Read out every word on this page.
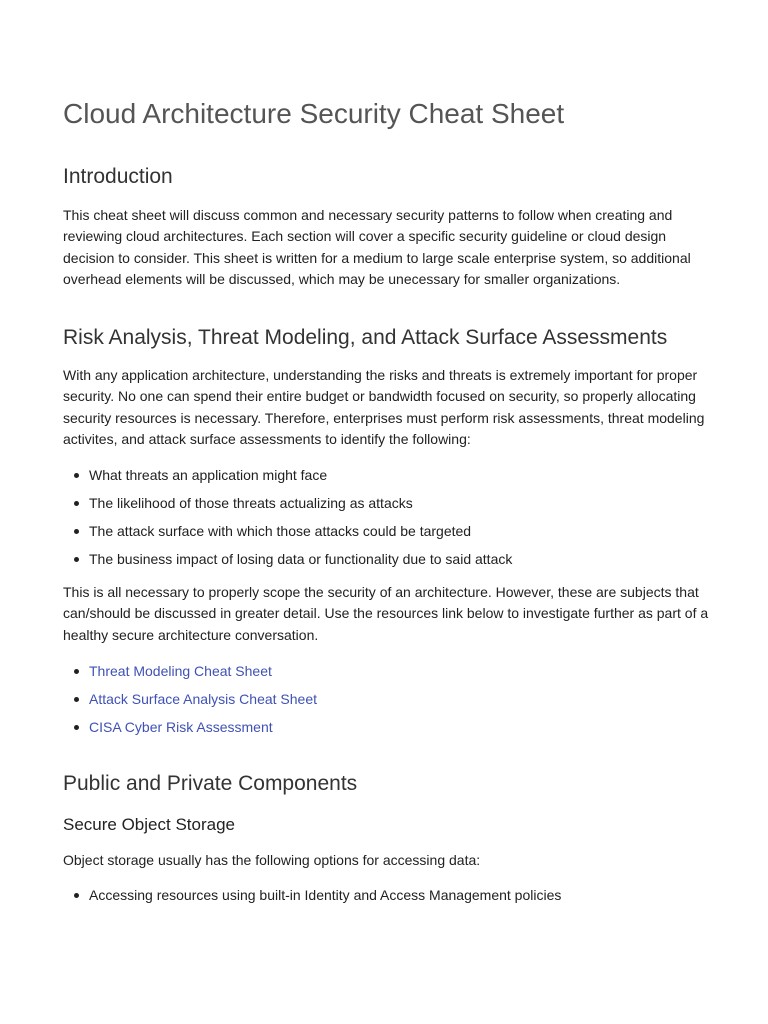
Cloud Architecture Security Cheat Sheet
Introduction

This cheat sheet will discuss common and necessary security patterns to follow when creating and reviewing cloud architectures. Each section will cover a specific security guideline or cloud design decision to consider. This sheet is written for a medium to large scale enterprise system, so additional overhead elements will be discussed, which may be unecessary for smaller organizations.

Risk Analysis, Threat Modeling, and Attack Surface Assessments

With any application architecture, understanding the risks and threats is extremely important for proper security. No one can spend their entire budget or bandwidth focused on security, so properly allocating security resources is necessary. Therefore, enterprises must perform risk assessments, threat modeling activites, and attack surface assessments to identify the following:

What threats an application might face
The likelihood of those threats actualizing as attacks
The attack surface with which those attacks could be targeted
The business impact of losing data or functionality due to said attack

This is all necessary to properly scope the security of an architecture. However, these are subjects that can/should be discussed in greater detail. Use the resources link below to investigate further as part of a healthy secure architecture conversation.

Threat Modeling Cheat Sheet
Attack Surface Analysis Cheat Sheet
CISA Cyber Risk Assessment
Public and Private Components
Secure Object Storage

Object storage usually has the following options for accessing data:

Accessing resources using built-in Identity and Access Management policies
